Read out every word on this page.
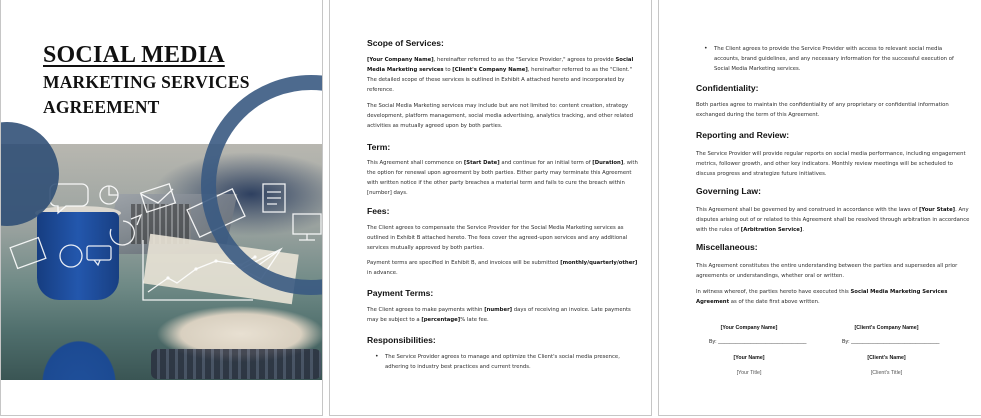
SOCIAL MEDIA
MARKETING SERVICES
AGREEMENT
Scope of Services:
[Your Company Name], hereinafter referred to as the "Service Provider," agrees to provide Social Media Marketing services to [Client's Company Name], hereinafter referred to as the "Client." The detailed scope of these services is outlined in Exhibit A attached hereto and incorporated by reference.
The Social Media Marketing services may include but are not limited to: content creation, strategy development, platform management, social media advertising, analytics tracking, and other related activities as mutually agreed upon by both parties.
Term:
This Agreement shall commence on [Start Date] and continue for an initial term of [Duration], with the option for renewal upon agreement by both parties. Either party may terminate this Agreement with written notice if the other party breaches a material term and fails to cure the breach within [number] days.
Fees:
The Client agrees to compensate the Service Provider for the Social Media Marketing services as outlined in Exhibit B attached hereto. The fees cover the agreed-upon services and any additional services mutually approved by both parties.
Payment terms are specified in Exhibit B, and invoices will be submitted [monthly/quarterly/other] in advance.
Payment Terms:
The Client agrees to make payments within [number] days of receiving an invoice. Late payments may be subject to a [percentage]% late fee.
Responsibilities:
• The Service Provider agrees to manage and optimize the Client's social media presence, adhering to industry best practices and current trends.
• The Client agrees to provide the Service Provider with access to relevant social media accounts, brand guidelines, and any necessary information for the successful execution of Social Media Marketing services.
Confidentiality:
Both parties agree to maintain the confidentiality of any proprietary or confidential information exchanged during the term of this Agreement.
Reporting and Review:
The Service Provider will provide regular reports on social media performance, including engagement metrics, follower growth, and other key indicators. Monthly review meetings will be scheduled to discuss progress and strategize future initiatives.
Governing Law:
This Agreement shall be governed by and construed in accordance with the laws of [Your State]. Any disputes arising out of or related to this Agreement shall be resolved through arbitration in accordance with the rules of [Arbitration Service].
Miscellaneous:
This Agreement constitutes the entire understanding between the parties and supersedes all prior agreements or understandings, whether oral or written.
In witness whereof, the parties hereto have executed this Social Media Marketing Services Agreement as of the date first above written.
[Your Company Name]
By: ______________________________
[Your Name]
[Your Title]
[Client's Company Name]
By: ______________________________
[Client's Name]
[Client's Title]
